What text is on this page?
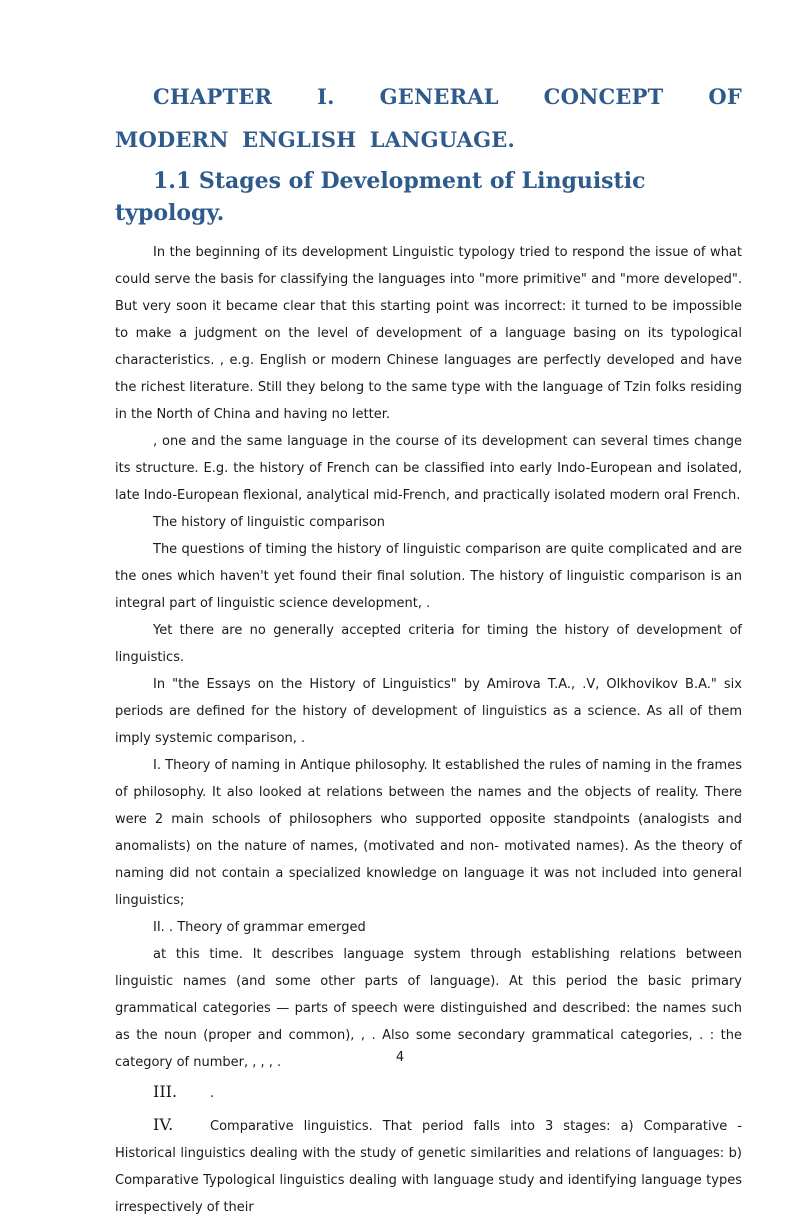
CHAPTER I. GENERAL CONCEPT OF MODERN ENGLISH LANGUAGE.
1.1 Stages of Development of Linguistic typology.

In the beginning of its development Linguistic typology tried to respond the issue of what could serve the basis for classifying the languages into "more primitive" and "more developed". But very soon it became clear that this starting point was incorrect: it turned to be impossible to make a judgment on the level of development of a language basing on its typological characteristics. , e.g. English or modern Chinese languages are perfectly developed and have the richest literature. Still they belong to the same type with the language of Tzin folks residing in the North of China and having no letter.

, one and the same language in the course of its development can several times change its structure. E.g. the history of French can be classified into early Indo-European and isolated, late Indo-European flexional, analytical mid-French, and practically isolated modern oral French.

The history of linguistic comparison

The questions of timing the history of linguistic comparison are quite complicated and are the ones which haven't yet found their final solution. The history of linguistic comparison is an integral part of linguistic science development, .

Yet there are no generally accepted criteria for timing the history of development of linguistics.

In "the Essays on the History of Linguistics" by Amirova T.A., .V, Olkhovikov B.A." six periods are defined for the history of development of linguistics as a science. As all of them imply systemic comparison, .

I. Theory of naming in Antique philosophy. It established the rules of naming in the frames of philosophy. It also looked at relations between the names and the objects of reality. There were 2 main schools of philosophers who supported opposite standpoints (analogists and anomalists) on the nature of names, (motivated and non- motivated names). As the theory of naming did not contain a specialized knowledge on language it was not included into general linguistics;

II. . Theory of grammar emerged

at this time. It describes language system through establishing relations between linguistic names (and some other parts of language). At this period the basic primary grammatical categories — parts of speech were distinguished and described: the names such as the noun (proper and common), , . Also some secondary grammatical categories, . : the category of number, , , , .

III.	.

IV.	Comparative linguistics. That period falls into 3 stages: a) Comparative -Historical linguistics dealing with the study of genetic similarities and relations of languages: b) Comparative Typological linguistics dealing with language study and identifying language types irrespectively of their

4
